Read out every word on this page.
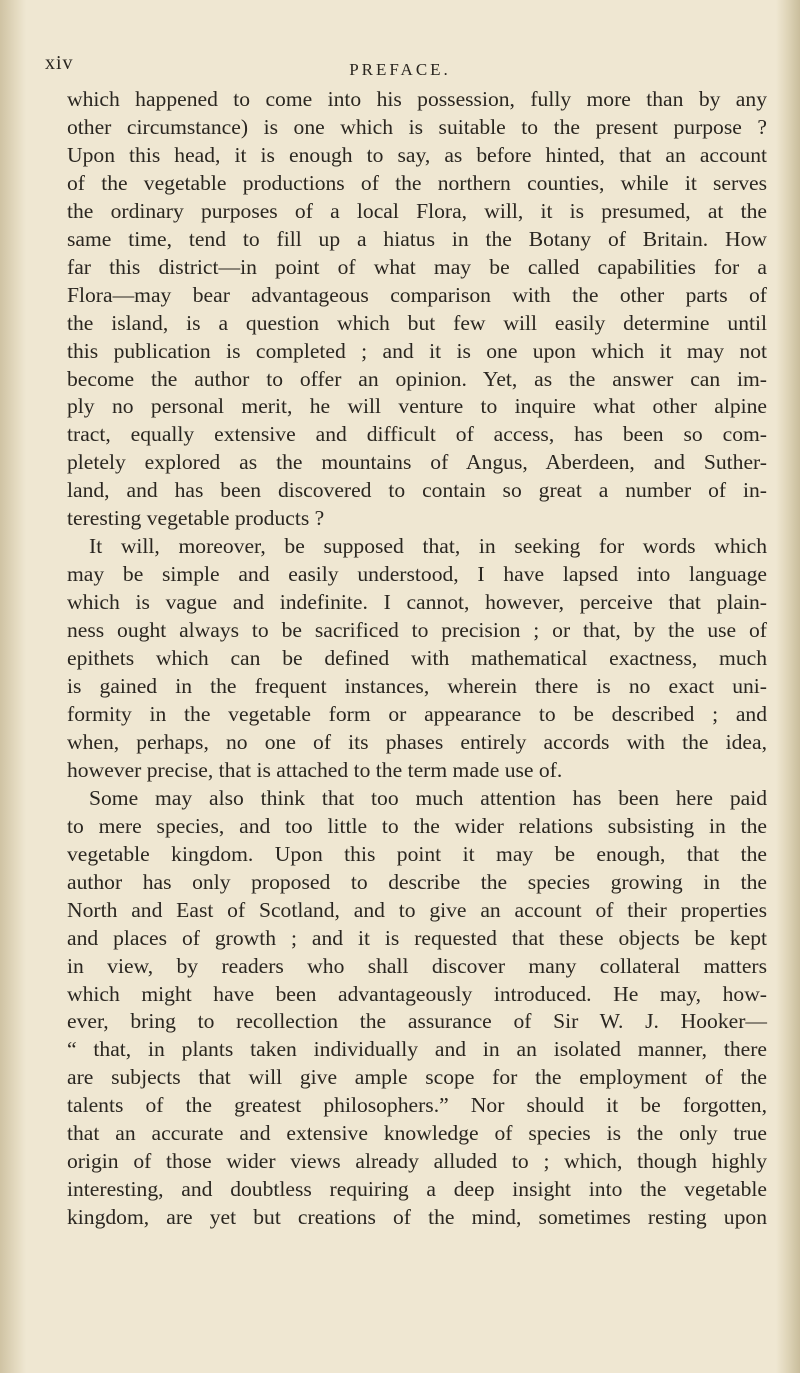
xiv	PREFACE.
which happened to come into his possession, fully more than by any
other circumstance) is one which is suitable to the present purpose ?
Upon this head, it is enough to say, as before hinted, that an account
of the vegetable productions of the northern counties, while it serves
the ordinary purposes of a local Flora, will, it is presumed, at the
same time, tend to fill up a hiatus in the Botany of Britain. How
far this district—in point of what may be called capabilities for a
Flora—may bear advantageous comparison with the other parts of
the island, is a question which but few will easily determine until
this publication is completed ; and it is one upon which it may not
become the author to offer an opinion. Yet, as the answer can im-
ply no personal merit, he will venture to inquire what other alpine
tract, equally extensive and difficult of access, has been so com-
pletely explored as the mountains of Angus, Aberdeen, and Suther-
land, and has been discovered to contain so great a number of in-
teresting vegetable products ?
It will, moreover, be supposed that, in seeking for words which
may be simple and easily understood, I have lapsed into language
which is vague and indefinite. I cannot, however, perceive that plain-
ness ought always to be sacrificed to precision ; or that, by the use of
epithets which can be defined with mathematical exactness, much
is gained in the frequent instances, wherein there is no exact uni-
formity in the vegetable form or appearance to be described ; and
when, perhaps, no one of its phases entirely accords with the idea,
however precise, that is attached to the term made use of.
Some may also think that too much attention has been here paid
to mere species, and too little to the wider relations subsisting in the
vegetable kingdom. Upon this point it may be enough, that the
author has only proposed to describe the species growing in the
North and East of Scotland, and to give an account of their properties
and places of growth ; and it is requested that these objects be kept
in view, by readers who shall discover many collateral matters
which might have been advantageously introduced. He may, how-
ever, bring to recollection the assurance of Sir W. J. Hooker—
“ that, in plants taken individually and in an isolated manner, there
are subjects that will give ample scope for the employment of the
talents of the greatest philosophers.” Nor should it be forgotten,
that an accurate and extensive knowledge of species is the only true
origin of those wider views already alluded to ; which, though highly
interesting, and doubtless requiring a deep insight into the vegetable
kingdom, are yet but creations of the mind, sometimes resting upon
